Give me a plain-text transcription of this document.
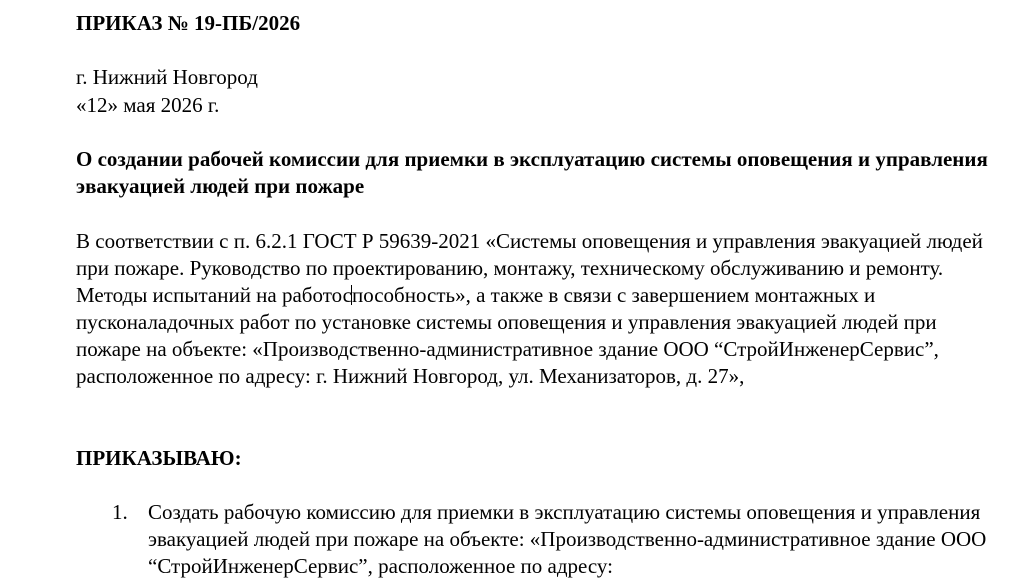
ПРИКАЗ № 19-ПБ/2026

г. Нижний Новгород

«12» мая 2026 г.

О создании рабочей комиссии для приемки в эксплуатацию системы оповещения и управления эвакуацией людей при пожаре

В соответствии с п. 6.2.1 ГОСТ Р 59639-2021 «Системы оповещения и управления эвакуацией людей при пожаре. Руководство по проектированию, монтажу, техническому обслуживанию и ремонту. Методы испытаний на работоспособность», а также в связи с завершением монтажных и пусконаладочных работ по установке системы оповещения и управления эвакуацией людей при пожаре на объекте: «Производственно-административное здание ООО “СтройИнженерСервис”, расположенное по адресу: г. Нижний Новгород, ул. Механизаторов, д. 27»,

ПРИКАЗЫВАЮ:

1. Создать рабочую комиссию для приемки в эксплуатацию системы оповещения и управления эвакуацией людей при пожаре на объекте: «Производственно-административное здание ООО “СтройИнженерСервис”, расположенное по адресу:
